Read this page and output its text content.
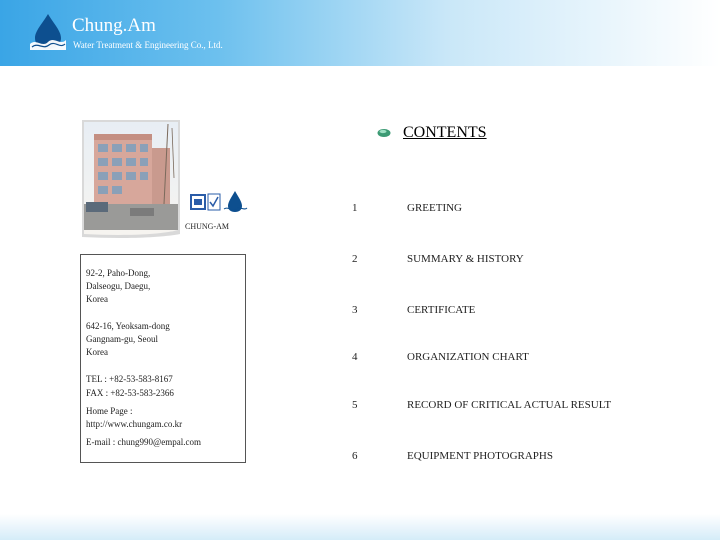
Chung.Am
Water Treatment & Engineering Co., Ltd.
CHUNG-AM
92-2, Paho-Dong,
Dalseogu, Daegu,
Korea
642-16, Yeoksam-dong
Gangnam-gu, Seoul
Korea
TEL : +82-53-583-8167
FAX : +82-53-583-2366
Home Page :
http://www.chungam.co.kr
E-mail : chung990@empal.com
CONTENTS
1	GREETING
2	SUMMARY & HISTORY
3	CERTIFICATE
4	ORGANIZATION CHART
5	RECORD OF CRITICAL ACTUAL RESULT
6	EQUIPMENT PHOTOGRAPHS
